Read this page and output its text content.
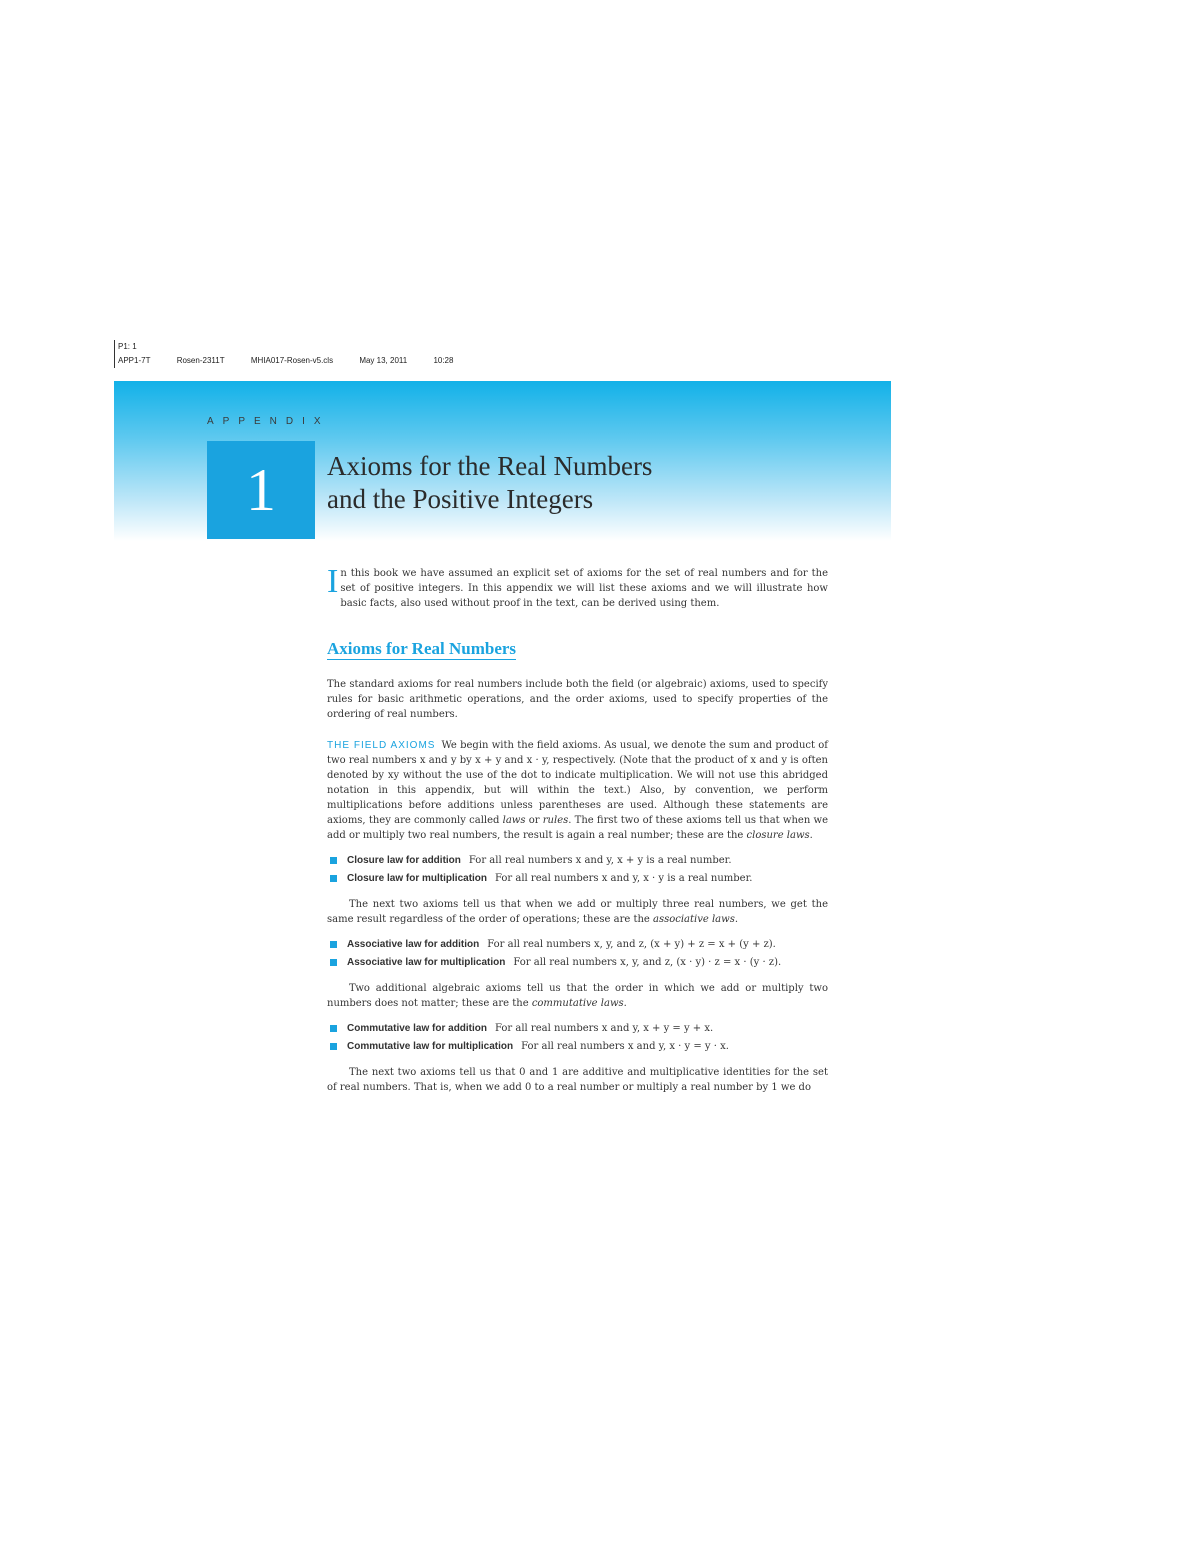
P1: 1
APP1-7T	Rosen-2311T	MHIA017-Rosen-v5.cls	May 13, 2011	10:28
APPENDIX
1	Axioms for the Real Numbers
and the Positive Integers

In this book we have assumed an explicit set of axioms for the set of real numbers and for the set of positive integers. In this appendix we will list these axioms and we will illustrate how basic facts, also used without proof in the text, can be derived using them.

Axioms for Real Numbers

The standard axioms for real numbers include both the field (or algebraic) axioms, used to specify rules for basic arithmetic operations, and the order axioms, used to specify properties of the ordering of real numbers.

THE FIELD AXIOMS We begin with the field axioms. As usual, we denote the sum and product of two real numbers x and y by x + y and x · y, respectively. (Note that the product of x and y is often denoted by xy without the use of the dot to indicate multiplication. We will not use this abridged notation in this appendix, but will within the text.) Also, by convention, we perform multiplications before additions unless parentheses are used. Although these statements are axioms, they are commonly called laws or rules. The first two of these axioms tell us that when we add or multiply two real numbers, the result is again a real number; these are the closure laws.

Closure law for addition For all real numbers x and y, x + y is a real number.
Closure law for multiplication For all real numbers x and y, x · y is a real number.

The next two axioms tell us that when we add or multiply three real numbers, we get the same result regardless of the order of operations; these are the associative laws.

Associative law for addition For all real numbers x, y, and z, (x + y) + z = x + (y + z).
Associative law for multiplication For all real numbers x, y, and z, (x · y) · z = x · (y · z).

Two additional algebraic axioms tell us that the order in which we add or multiply two numbers does not matter; these are the commutative laws.

Commutative law for addition For all real numbers x and y, x + y = y + x.
Commutative law for multiplication For all real numbers x and y, x · y = y · x.

The next two axioms tell us that 0 and 1 are additive and multiplicative identities for the set of real numbers. That is, when we add 0 to a real number or multiply a real number by 1 we do
